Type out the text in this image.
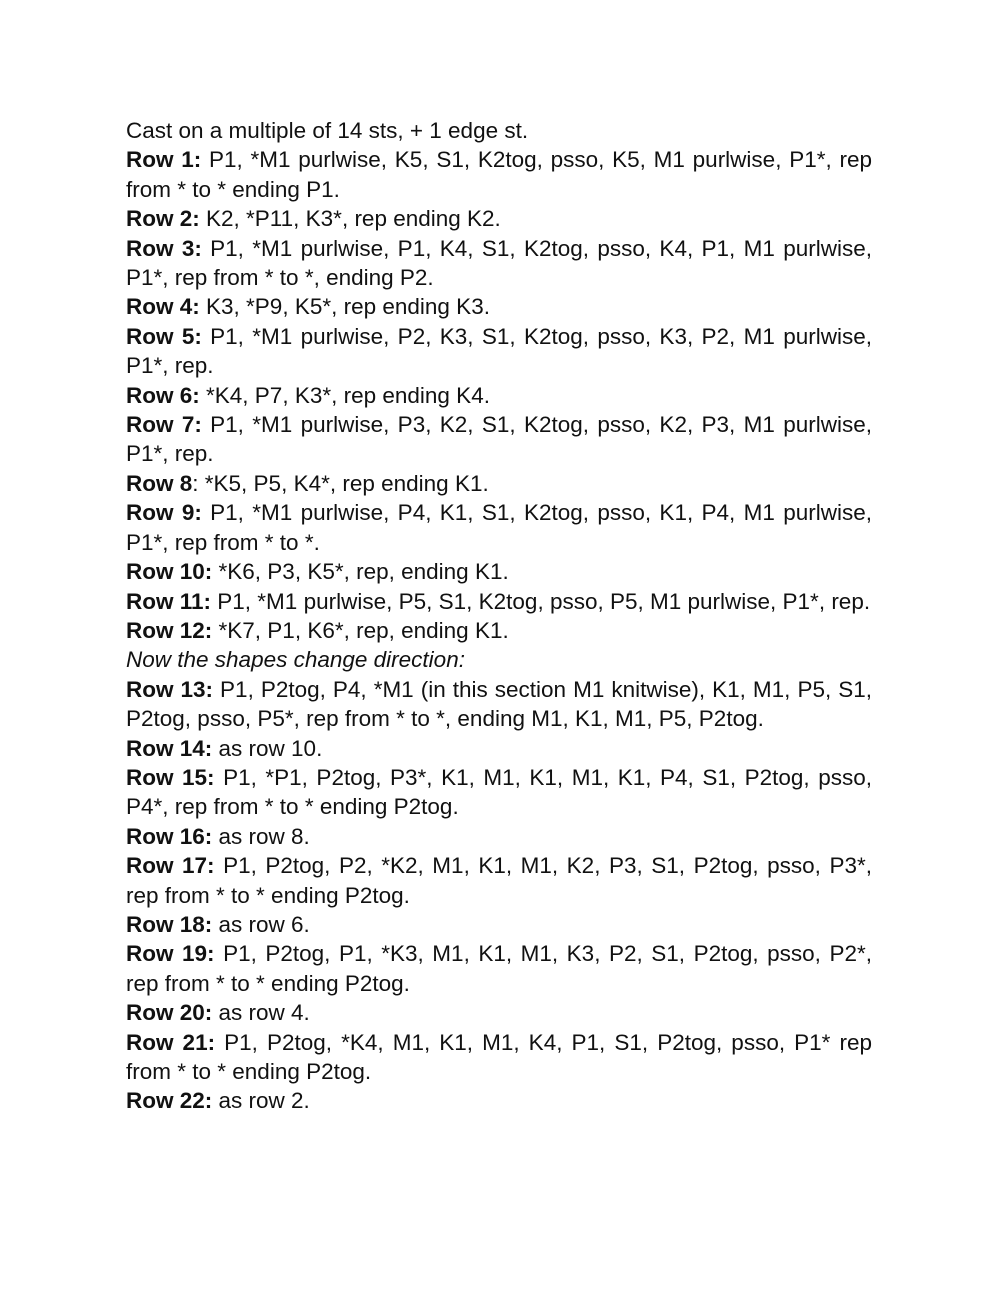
Cast on a multiple of 14 sts, + 1 edge st.

Row 1: P1, *M1 purlwise, K5, S1, K2tog, psso, K5, M1 purlwise, P1*, rep from * to * ending P1.

Row 2: K2, *P11, K3*, rep ending K2.

Row 3: P1, *M1 purlwise, P1, K4, S1, K2tog, psso, K4, P1, M1 purlwise, P1*, rep from * to *, ending P2.

Row 4: K3, *P9, K5*, rep ending K3.

Row 5: P1, *M1 purlwise, P2, K3, S1, K2tog, psso, K3, P2, M1 purlwise, P1*, rep.

Row 6: *K4, P7, K3*, rep ending K4.

Row 7: P1, *M1 purlwise, P3, K2, S1, K2tog, psso, K2, P3, M1 purlwise, P1*, rep.

Row 8: *K5, P5, K4*, rep ending K1.

Row 9: P1, *M1 purlwise, P4, K1, S1, K2tog, psso, K1, P4, M1 purlwise, P1*, rep from * to *.

Row 10: *K6, P3, K5*, rep, ending K1.

Row 11: P1, *M1 purlwise, P5, S1, K2tog, psso, P5, M1 purlwise, P1*, rep.

Row 12: *K7, P1, K6*, rep, ending K1.

Now the shapes change direction:

Row 13: P1, P2tog, P4, *M1 (in this section M1 knitwise), K1, M1, P5, S1, P2tog, psso, P5*, rep from * to *, ending M1, K1, M1, P5, P2tog.

Row 14: as row 10.

Row 15: P1, *P1, P2tog, P3*, K1, M1, K1, M1, K1, P4, S1, P2tog, psso, P4*, rep from * to * ending P2tog.

Row 16: as row 8.

Row 17: P1, P2tog, P2, *K2, M1, K1, M1, K2, P3, S1, P2tog, psso, P3*, rep from * to * ending P2tog.

Row 18: as row 6.

Row 19: P1, P2tog, P1, *K3, M1, K1, M1, K3, P2, S1, P2tog, psso, P2*, rep from * to * ending P2tog.

Row 20: as row 4.

Row 21: P1, P2tog, *K4, M1, K1, M1, K4, P1, S1, P2tog, psso, P1* rep from * to * ending P2tog.

Row 22: as row 2.
